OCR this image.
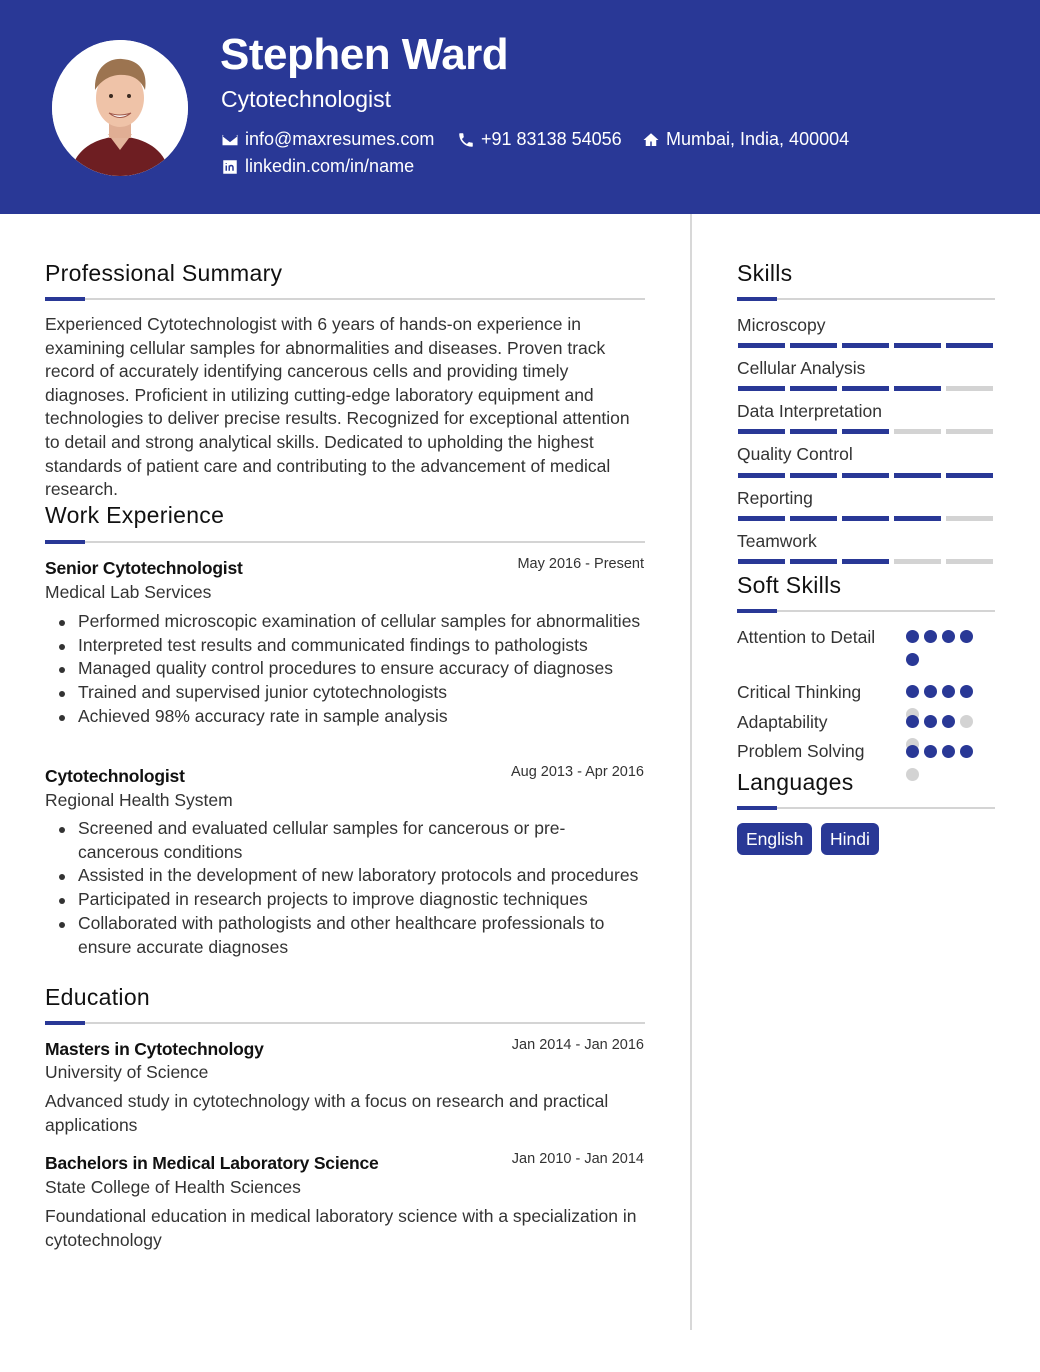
Stephen Ward
Cytotechnologist
info@maxresumes.com	+91 83138 54056 Mumbai, India, 400004
linkedin.com/in/name
Professional Summary
Experienced Cytotechnologist with 6 years of hands-on experience in examining cellular samples for abnormalities and diseases. Proven track record of accurately identifying cancerous cells and providing timely diagnoses. Proficient in utilizing cutting-edge laboratory equipment and technologies to deliver precise results. Recognized for exceptional attention to detail and strong analytical skills. Dedicated to upholding the highest standards of patient care and contributing to the advancement of medical research.
Work Experience
Senior Cytotechnologist	May 2016 - Present
Medical Lab Services
Performed microscopic examination of cellular samples for abnormalities
Interpreted test results and communicated findings to pathologists
Managed quality control procedures to ensure accuracy of diagnoses
Trained and supervised junior cytotechnologists
Achieved 98% accuracy rate in sample analysis
Cytotechnologist	Aug 2013 - Apr 2016
Regional Health System
Screened and evaluated cellular samples for cancerous or pre-cancerous conditions
Assisted in the development of new laboratory protocols and procedures
Participated in research projects to improve diagnostic techniques
Collaborated with pathologists and other healthcare professionals to ensure accurate diagnoses
Education
Masters in Cytotechnology	Jan 2014 - Jan 2016
University of Science
Advanced study in cytotechnology with a focus on research and practical applications
Bachelors in Medical Laboratory Science	Jan 2010 - Jan 2014
State College of Health Sciences
Foundational education in medical laboratory science with a specialization in cytotechnology
Skills
Microscopy
Cellular Analysis
Data Interpretation
Quality Control
Reporting
Teamwork
Soft Skills
Attention to Detail
Critical Thinking
Adaptability
Problem Solving
Languages
English	Hindi
